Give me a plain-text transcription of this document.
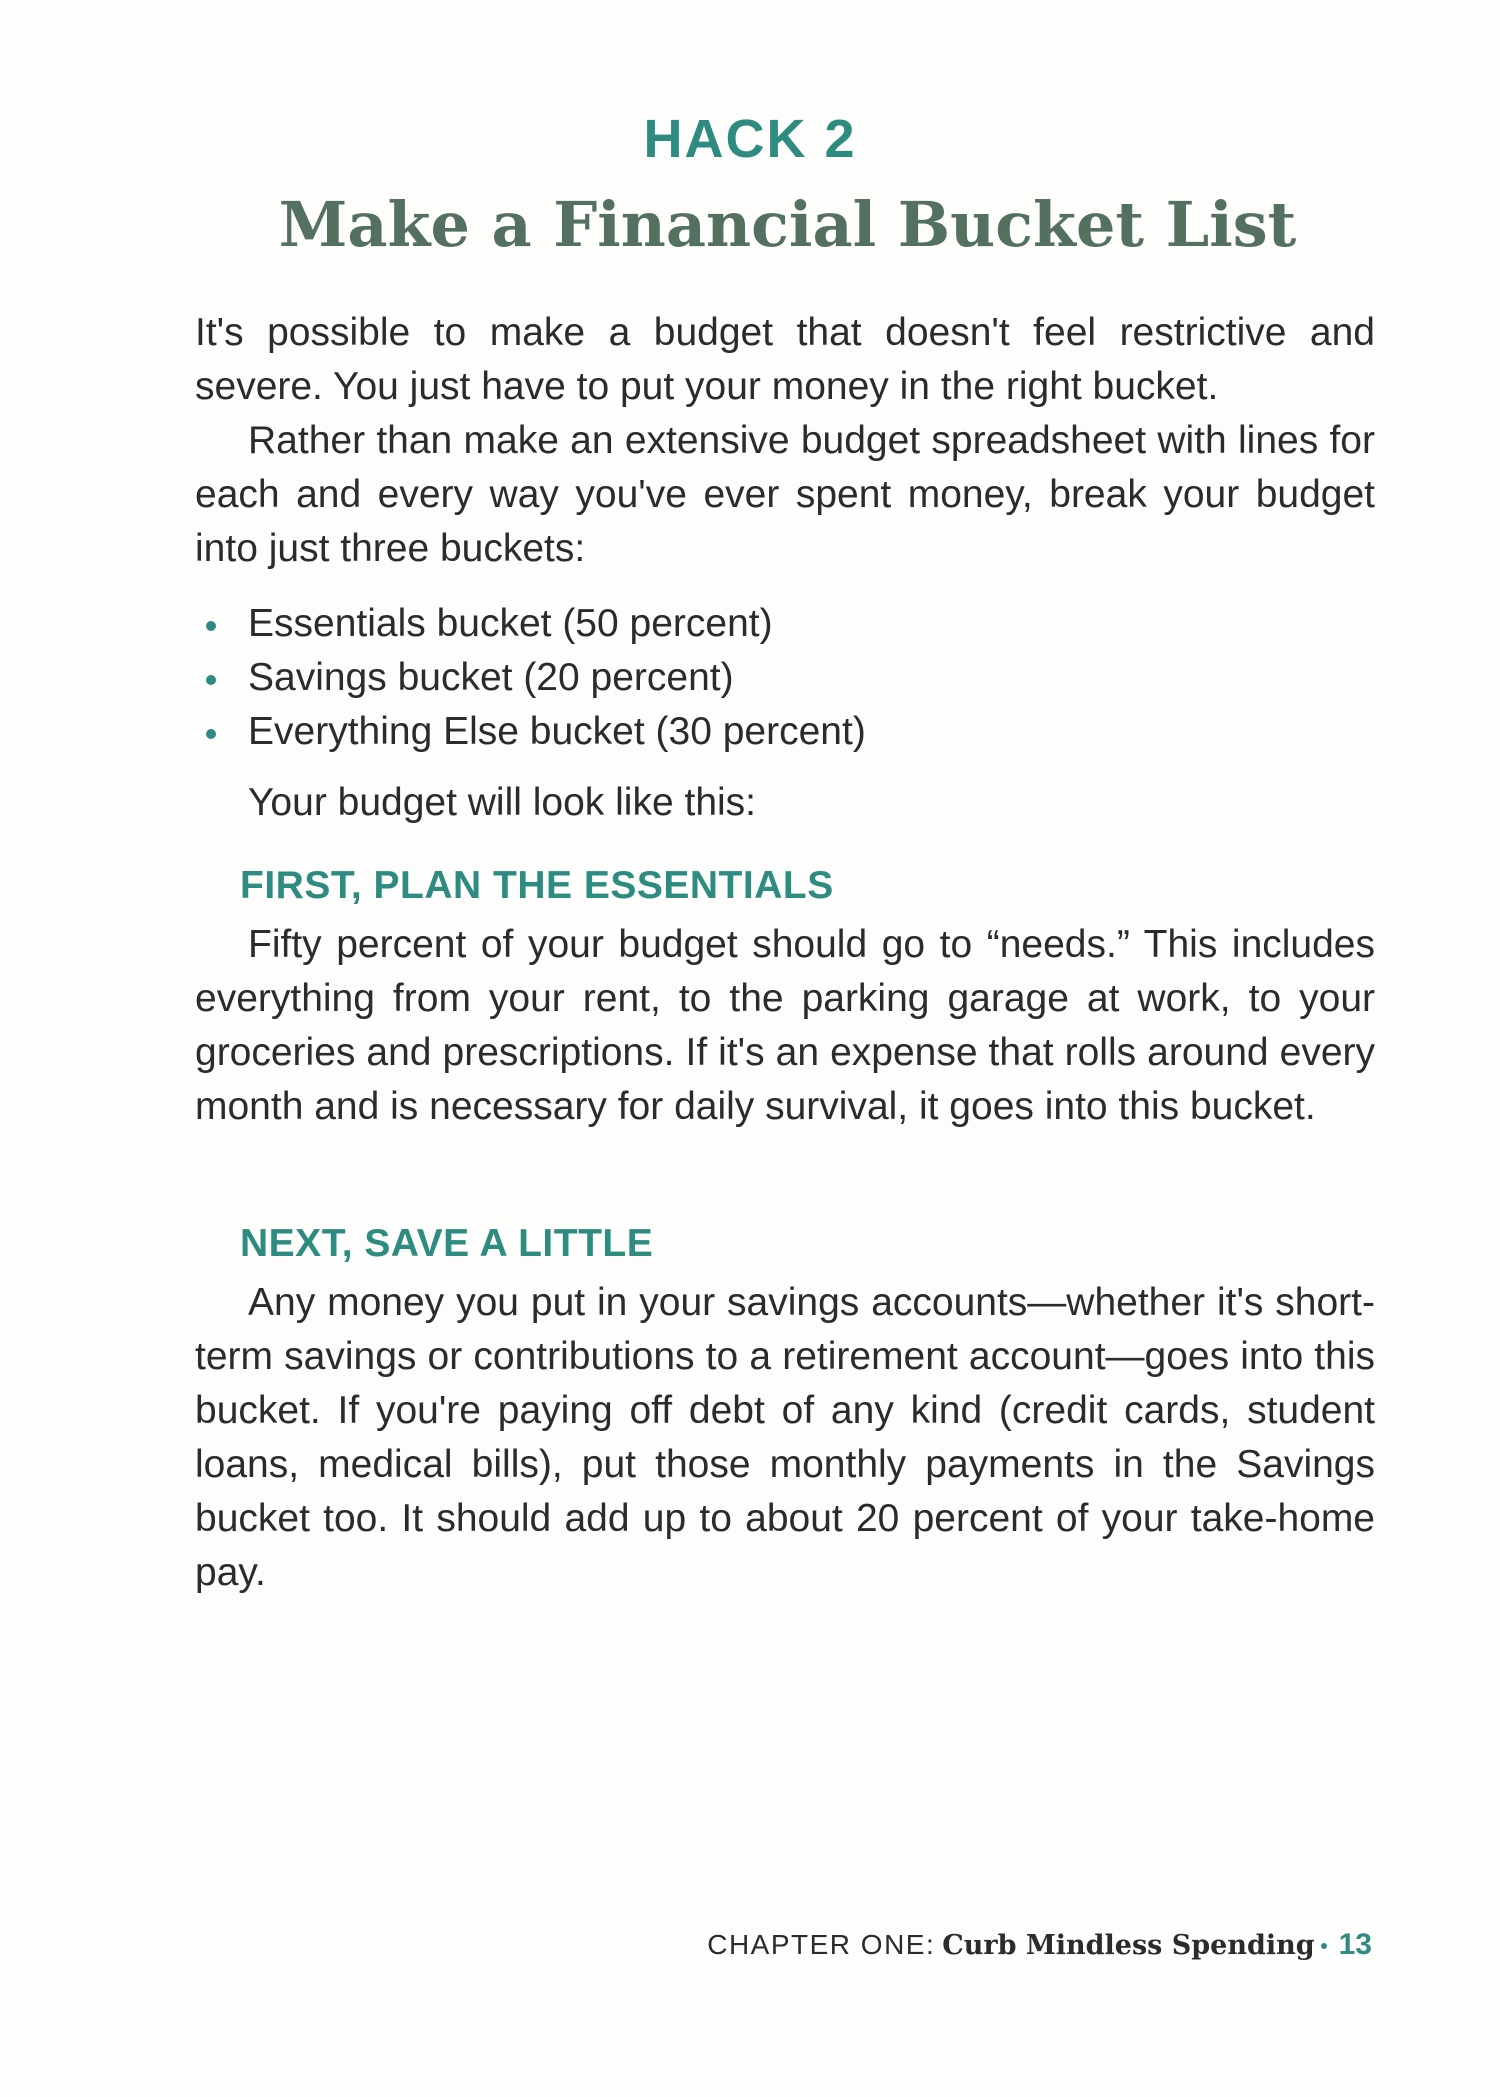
HACK 2
Make a Financial Bucket List

It's possible to make a budget that doesn't feel restrictive and severe. You just have to put your money in the right bucket.

Rather than make an extensive budget spreadsheet with lines for each and every way you've ever spent money, break your budget into just three buckets:

Essentials bucket (50 percent)
Savings bucket (20 percent)
Everything Else bucket (30 percent)
Your budget will look like this:
FIRST, PLAN THE ESSENTIALS

Fifty percent of your budget should go to “needs.” This includes everything from your rent, to the parking garage at work, to your groceries and prescriptions. If it's an expense that rolls around every month and is necessary for daily survival, it goes into this bucket.

NEXT, SAVE A LITTLE

Any money you put in your savings accounts—whether it's short-term savings or contributions to a retirement account—goes into this bucket. If you're paying off debt of any kind (credit cards, student loans, medical bills), put those monthly payments in the Savings bucket too. It should add up to about 20 percent of your take-home pay.

CHAPTER ONE: Curb Mindless Spending 13
